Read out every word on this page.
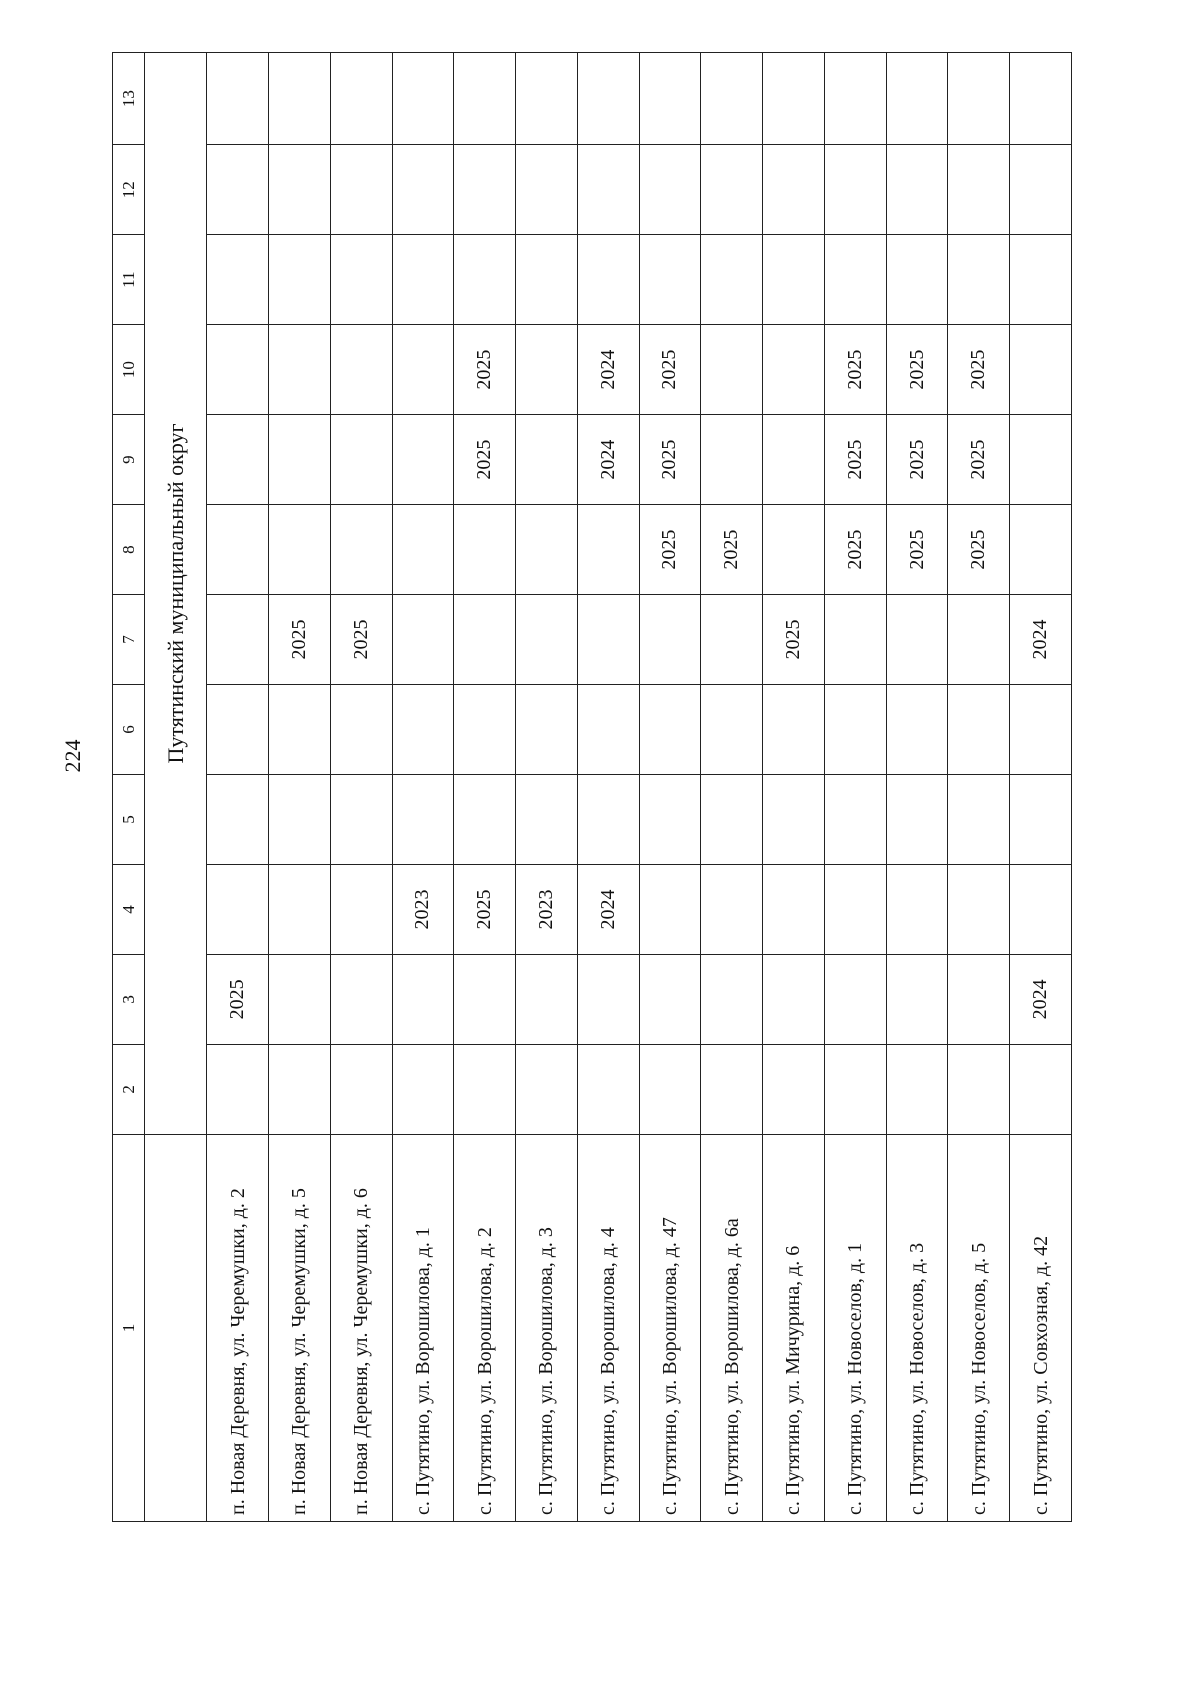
224
1	2	3	4	5	6	7	8	9	10	11	12	13
	Путятинский муниципальный округ											
п. Новая Деревня, ул. Черемушки, д. 2		2025										
п. Новая Деревня, ул. Черемушки, д. 5						2025						
п. Новая Деревня, ул. Черемушки, д. 6						2025						
с. Путятино, ул. Ворошилова, д. 1			2023									
с. Путятино, ул. Ворошилова, д. 2			2025					2025	2025			
с. Путятино, ул. Ворошилова, д. 3			2023									
с. Путятино, ул. Ворошилова, д. 4			2024					2024	2024			
с. Путятино, ул. Ворошилова, д. 47							2025	2025	2025			
с. Путятино, ул. Ворошилова, д. 6а							2025					
с. Путятино, ул. Мичурина, д. 6						2025						
с. Путятино, ул. Новоселов, д. 1							2025	2025	2025			
с. Путятино, ул. Новоселов, д. 3							2025	2025	2025			
с. Путятино, ул. Новоселов, д. 5							2025	2025	2025			
с. Путятино, ул. Совхозная, д. 42		2024				2024						
